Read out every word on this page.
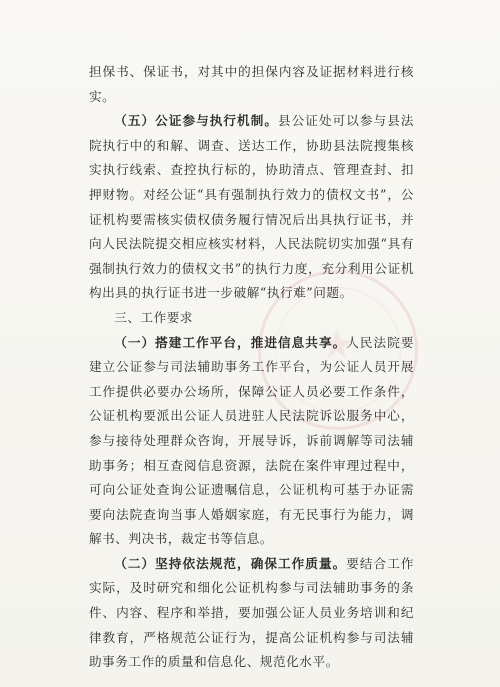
★

担保书、保证书，对其中的担保内容及证据材料进行核实。

（五）公证参与执行机制。县公证处可以参与县法院执行中的和解、调查、送达工作，协助县法院搜集核实执行线索、查控执行标的，协助清点、管理查封、扣押财物。对经公证“具有强制执行效力的债权文书”，公证机构要需核实债权债务履行情况后出具执行证书，并向人民法院提交相应核实材料，人民法院切实加强“具有强制执行效力的债权文书”的执行力度，充分利用公证机构出具的执行证书进一步破解“执行难”问题。

三、工作要求

（一）搭建工作平台，推进信息共享。人民法院要建立公证参与司法辅助事务工作平台，为公证人员开展工作提供必要办公场所，保障公证人员必要工作条件，公证机构要派出公证人员进驻人民法院诉讼服务中心，参与接待处理群众咨询，开展导诉，诉前调解等司法辅助事务；相互查阅信息资源，法院在案件审理过程中，可向公证处查询公证遗嘱信息，公证机构可基于办证需要向法院查询当事人婚姻家庭，有无民事行为能力，调解书、判决书，裁定书等信息。

（二）坚持依法规范，确保工作质量。要结合工作实际，及时研究和细化公证机构参与司法辅助事务的条件、内容、程序和举措，要加强公证人员业务培训和纪律教育，严格规范公证行为，提高公证机构参与司法辅助事务工作的质量和信息化、规范化水平。
